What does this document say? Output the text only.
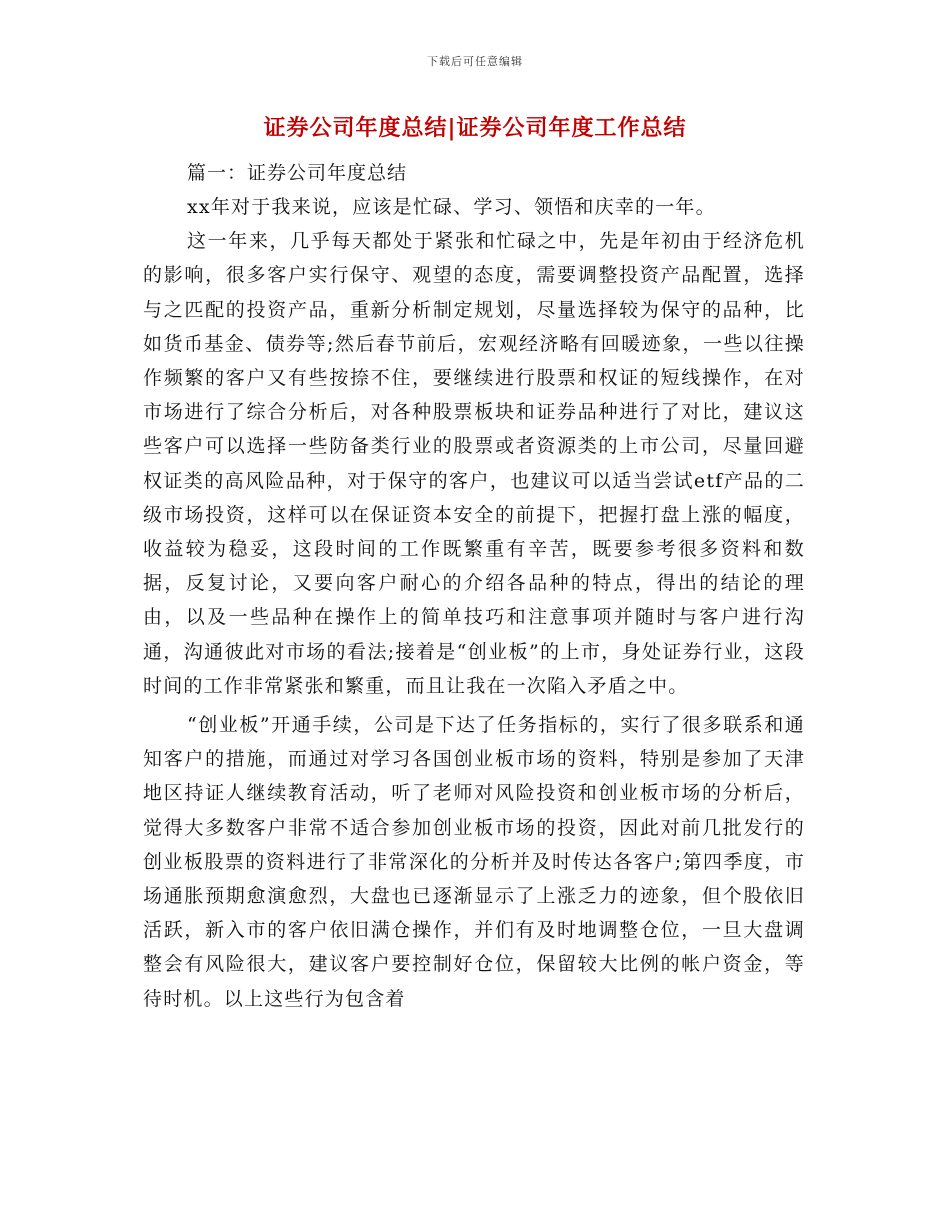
下载后可任意编辑
证券公司年度总结|证券公司年度工作总结

篇一：证券公司年度总结

xx年对于我来说，应该是忙碌、学习、领悟和庆幸的一年。

这一年来，几乎每天都处于紧张和忙碌之中，先是年初由于经济危机的影响，很多客户实行保守、观望的态度，需要调整投资产品配置，选择与之匹配的投资产品，重新分析制定规划，尽量选择较为保守的品种，比如货币基金、债券等;然后春节前后，宏观经济略有回暖迹象，一些以往操作频繁的客户又有些按捺不住，要继续进行股票和权证的短线操作，在对市场进行了综合分析后，对各种股票板块和证券品种进行了对比，建议这些客户可以选择一些防备类行业的股票或者资源类的上市公司，尽量回避权证类的高风险品种，对于保守的客户，也建议可以适当尝试etf产品的二级市场投资，这样可以在保证资本安全的前提下，把握打盘上涨的幅度，收益较为稳妥，这段时间的工作既繁重有辛苦，既要参考很多资料和数据，反复讨论，又要向客户耐心的介绍各品种的特点，得出的结论的理由，以及一些品种在操作上的简单技巧和注意事项并随时与客户进行沟通，沟通彼此对市场的看法;接着是“创业板”的上市，身处证券行业，这段时间的工作非常紧张和繁重，而且让我在一次陷入矛盾之中。

“创业板”开通手续，公司是下达了任务指标的，实行了很多联系和通知客户的措施，而通过对学习各国创业板市场的资料，特别是参加了天津地区持证人继续教育活动，听了老师对风险投资和创业板市场的分析后，觉得大多数客户非常不适合参加创业板市场的投资，因此对前几批发行的创业板股票的资料进行了非常深化的分析并及时传达各客户;第四季度，市场通胀预期愈演愈烈，大盘也已逐渐显示了上涨乏力的迹象，但个股依旧活跃，新入市的客户依旧满仓操作，并们有及时地调整仓位，一旦大盘调整会有风险很大，建议客户要控制好仓位，保留较大比例的帐户资金，等待时机。以上这些行为包含着
